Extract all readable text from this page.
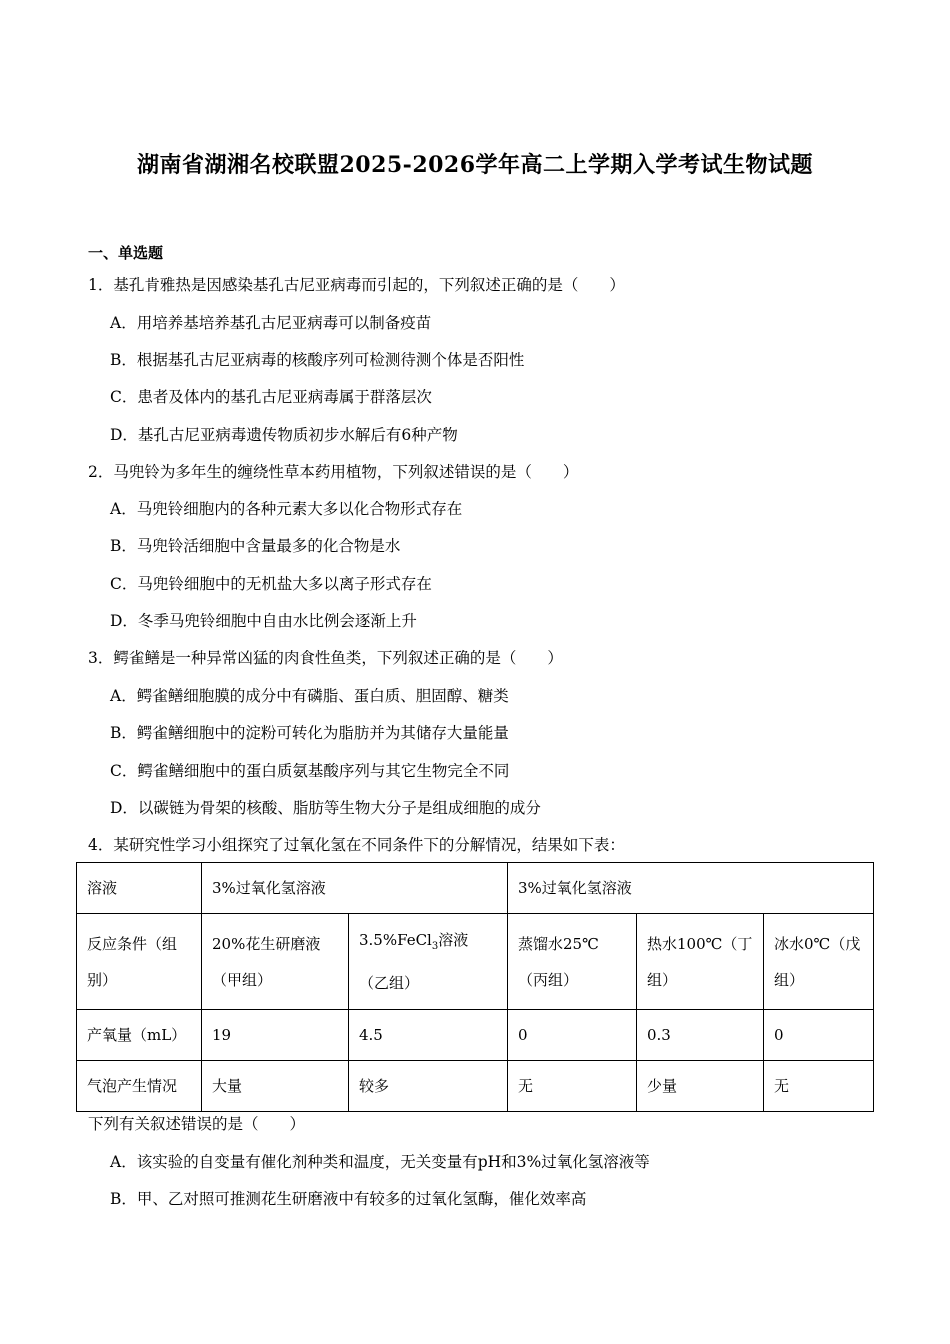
湖南省湖湘名校联盟2025-2026学年高二上学期入学考试生物试题
一、单选题
1．基孔肯雅热是因感染基孔古尼亚病毒而引起的，下列叙述正确的是（　　）
A．用培养基培养基孔古尼亚病毒可以制备疫苗
B．根据基孔古尼亚病毒的核酸序列可检测待测个体是否阳性
C．患者及体内的基孔古尼亚病毒属于群落层次
D．基孔古尼亚病毒遗传物质初步水解后有6种产物
2．马兜铃为多年生的缠绕性草本药用植物，下列叙述错误的是（　　）
A．马兜铃细胞内的各种元素大多以化合物形式存在
B．马兜铃活细胞中含量最多的化合物是水
C．马兜铃细胞中的无机盐大多以离子形式存在
D．冬季马兜铃细胞中自由水比例会逐渐上升
3．鳄雀鳝是一种异常凶猛的肉食性鱼类，下列叙述正确的是（　　）
A．鳄雀鳝细胞膜的成分中有磷脂、蛋白质、胆固醇、糖类
B．鳄雀鳝细胞中的淀粉可转化为脂肪并为其储存大量能量
C．鳄雀鳝细胞中的蛋白质氨基酸序列与其它生物完全不同
D．以碳链为骨架的核酸、脂肪等生物大分子是组成细胞的成分
4．某研究性学习小组探究了过氧化氢在不同条件下的分解情况，结果如下表：
溶液	3%过氧化氢溶液		3%过氧化氢溶液		
反应条件（组别）	20%花生研磨液（甲组）	3.5%FeCl$_3$溶液（乙组）	蒸馏水25℃（丙组）	热水100℃（丁组）	冰水0℃（戊组）
产氧量（mL）	19	4.5	0	0.3	0
气泡产生情况	大量	较多	无	少量	无
下列有关叙述错误的是（　　）
A．该实验的自变量有催化剂种类和温度，无关变量有pH和3%过氧化氢溶液等
B．甲、乙对照可推测花生研磨液中有较多的过氧化氢酶，催化效率高
